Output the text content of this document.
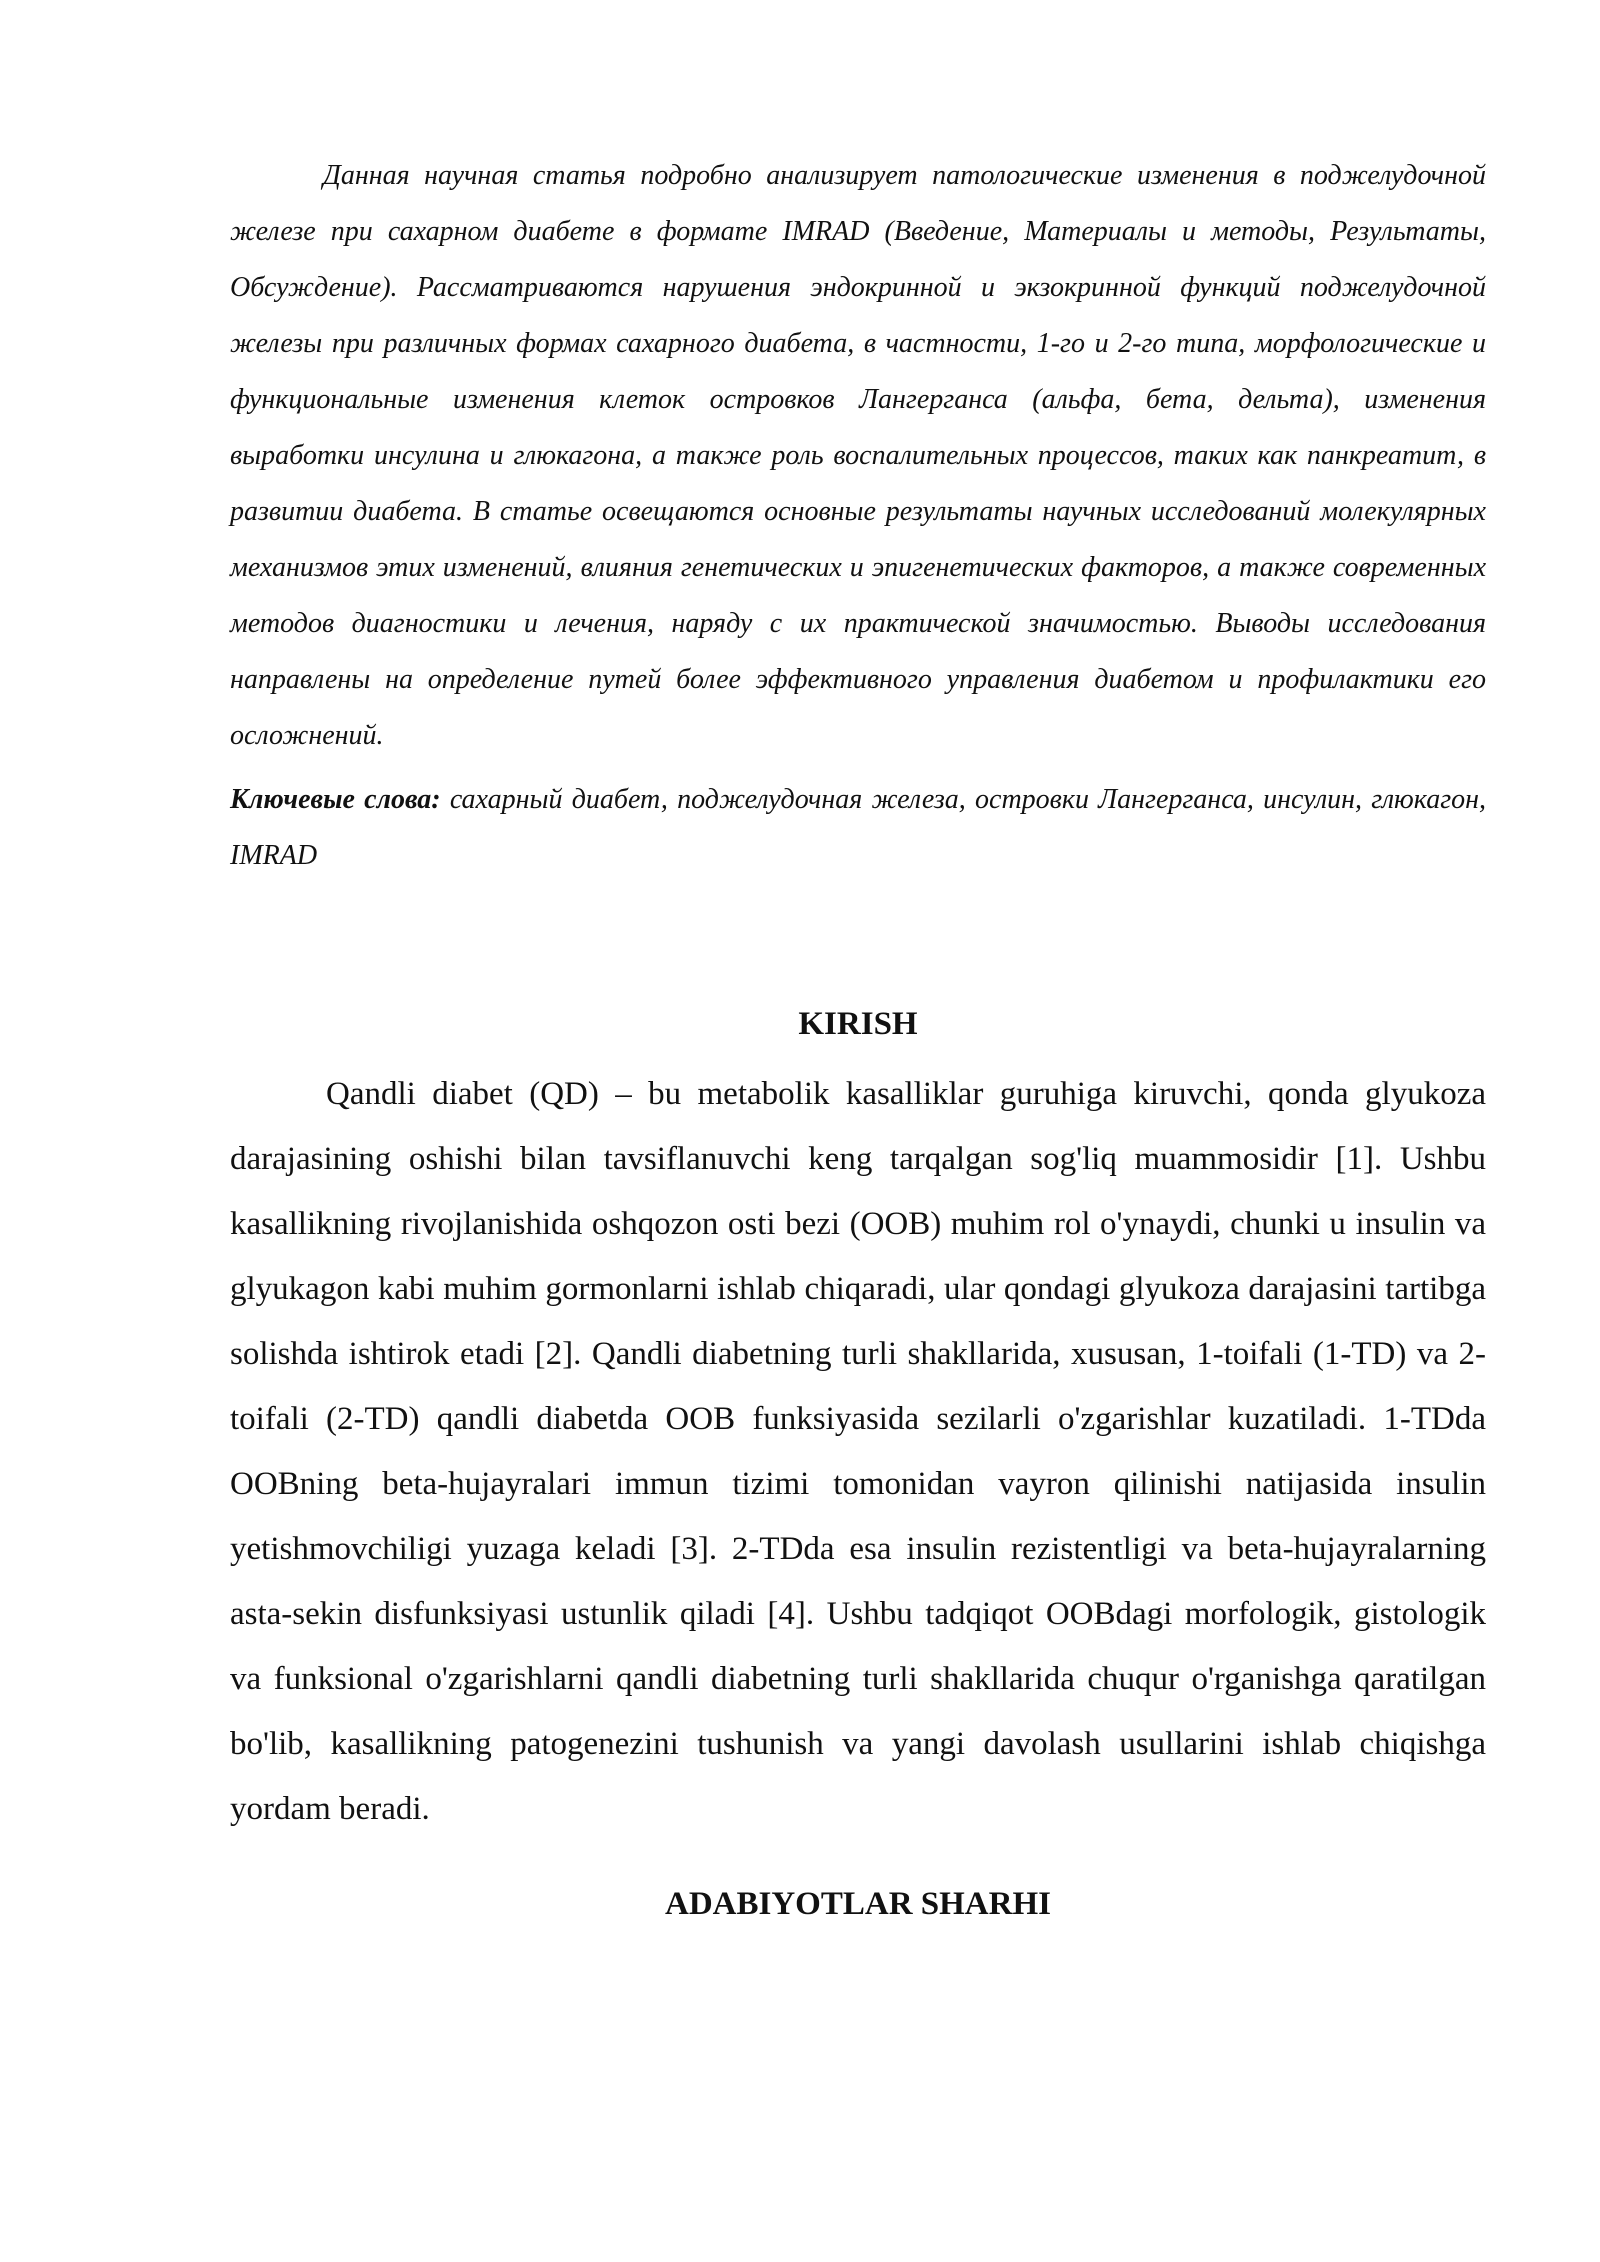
Данная научная статья подробно анализирует патологические изменения в поджелудочной железе при сахарном диабете в формате IMRAD (Введение, Материалы и методы, Результаты, Обсуждение). Рассматриваются нарушения эндокринной и экзокринной функций поджелудочной железы при различных формах сахарного диабета, в частности, 1-го и 2-го типа, морфологические и функциональные изменения клеток островков Лангерганса (альфа, бета, дельта), изменения выработки инсулина и глюкагона, а также роль воспалительных процессов, таких как панкреатит, в развитии диабета. В статье освещаются основные результаты научных исследований молекулярных механизмов этих изменений, влияния генетических и эпигенетических факторов, а также современных методов диагностики и лечения, наряду с их практической значимостью. Выводы исследования направлены на определение путей более эффективного управления диабетом и профилактики его осложнений.

Ключевые слова: сахарный диабет, поджелудочная железа, островки Лангерганса, инсулин, глюкагон, IMRAD

KIRISH

Qandli diabet (QD) – bu metabolik kasalliklar guruhiga kiruvchi, qonda glyukoza darajasining oshishi bilan tavsiflanuvchi keng tarqalgan sog'liq muammosidir [1]. Ushbu kasallikning rivojlanishida oshqozon osti bezi (OOB) muhim rol o'ynaydi, chunki u insulin va glyukagon kabi muhim gormonlarni ishlab chiqaradi, ular qondagi glyukoza darajasini tartibga solishda ishtirok etadi [2]. Qandli diabetning turli shakllarida, xususan, 1-toifali (1-TD) va 2-toifali (2-TD) qandli diabetda OOB funksiyasida sezilarli o'zgarishlar kuzatiladi. 1-TDda OOBning beta-hujayralari immun tizimi tomonidan vayron qilinishi natijasida insulin yetishmovchiligi yuzaga keladi [3]. 2-TDda esa insulin rezistentligi va beta-hujayralarning asta-sekin disfunksiyasi ustunlik qiladi [4]. Ushbu tadqiqot OOBdagi morfologik, gistologik va funksional o'zgarishlarni qandli diabetning turli shakllarida chuqur o'rganishga qaratilgan bo'lib, kasallikning patogenezini tushunish va yangi davolash usullarini ishlab chiqishga yordam beradi.

ADABIYOTLAR SHARHI
